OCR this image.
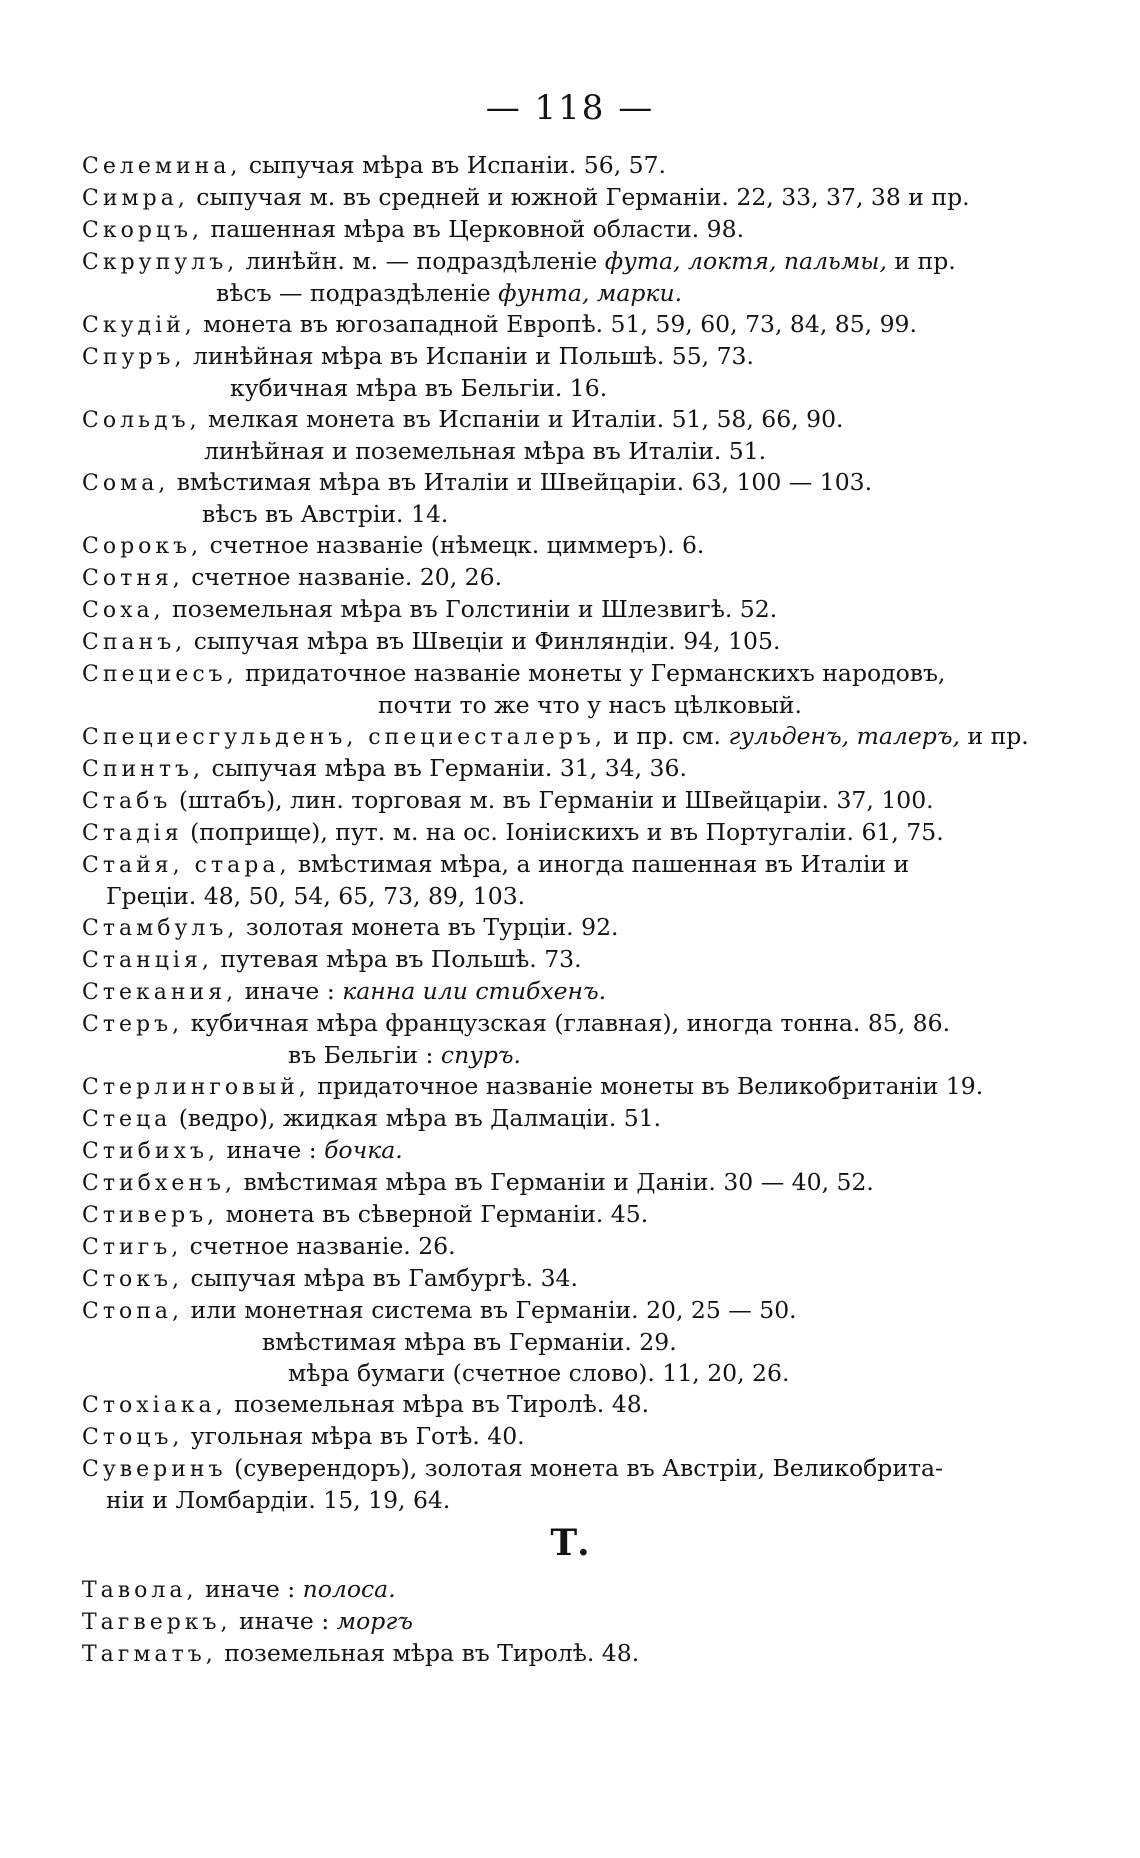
— 118 —
Селемина, сыпучая мѣра въ Испаніи. 56, 57.
Симра, сыпучая м. въ средней и южной Германіи. 22, 33, 37, 38 и пр.
Скорцъ, пашенная мѣра въ Церковной области. 98.
Скрупулъ, линѣйн. м. — подраздѣленіе фута, локтя, пальмы, и пр.
вѣсъ — подраздѣленіе фунта, марки.
Скудій, монета въ югозападной Европѣ. 51, 59, 60, 73, 84, 85, 99.
Спуръ, линѣйная мѣра въ Испаніи и Польшѣ. 55, 73.
кубичная мѣра въ Бельгіи. 16.
Сольдъ, мелкая монета въ Испаніи и Италіи. 51, 58, 66, 90.
линѣйная и поземельная мѣра въ Италіи. 51.
Сома, вмѣстимая мѣра въ Италіи и Швейцаріи. 63, 100 — 103.
вѣсъ въ Австріи. 14.
Сорокъ, счетное названіе (нѣмецк. циммеръ). 6.
Сотня, счетное названіе. 20, 26.
Соха, поземельная мѣра въ Голстиніи и Шлезвигѣ. 52.
Спанъ, сыпучая мѣра въ Швеціи и Финляндіи. 94, 105.
Специесъ, придаточное названіе монеты у Германскихъ народовъ,
почти то же что у насъ цѣлковый.
Специесгульденъ, специесталеръ, и пр. см. гульденъ, талеръ, и пр.
Спинтъ, сыпучая мѣра въ Германіи. 31, 34, 36.
Стабъ (штабъ), лин. торговая м. въ Германіи и Швейцаріи. 37, 100.
Стадія (поприще), пут. м. на ос. Іоніискихъ и въ Португаліи. 61, 75.
Стайя, стара, вмѣстимая мѣра, а иногда пашенная въ Италіи и
Греціи. 48, 50, 54, 65, 73, 89, 103.
Стамбулъ, золотая монета въ Турціи. 92.
Станція, путевая мѣра въ Польшѣ. 73.
Стекания, иначе : канна или стибхенъ.
Стеръ, кубичная мѣра французская (главная), иногда тонна. 85, 86.
въ Бельгіи : спуръ.
Стерлинговый, придаточное названіе монеты въ Великобританіи 19.
Стеца (ведро), жидкая мѣра въ Далмаціи. 51.
Стибихъ, иначе : бочка.
Стибхенъ, вмѣстимая мѣра въ Германіи и Даніи. 30 — 40, 52.
Стиверъ, монета въ сѣверной Германіи. 45.
Стигъ, счетное названіе. 26.
Стокъ, сыпучая мѣра въ Гамбургѣ. 34.
Стопа, или монетная система въ Германіи. 20, 25 — 50.
вмѣстимая мѣра въ Германіи. 29.
мѣра бумаги (счетное слово). 11, 20, 26.
Стохіака, поземельная мѣра въ Тиролѣ. 48.
Стоцъ, угольная мѣра въ Готѣ. 40.
Суверинъ (суверендоръ), золотая монета въ Австріи, Великобрита-
ніи и Ломбардіи. 15, 19, 64.
Т.
Тавола, иначе : полоса.
Тагверкъ, иначе : моргъ
Тагматъ, поземельная мѣра въ Тиролѣ. 48.
